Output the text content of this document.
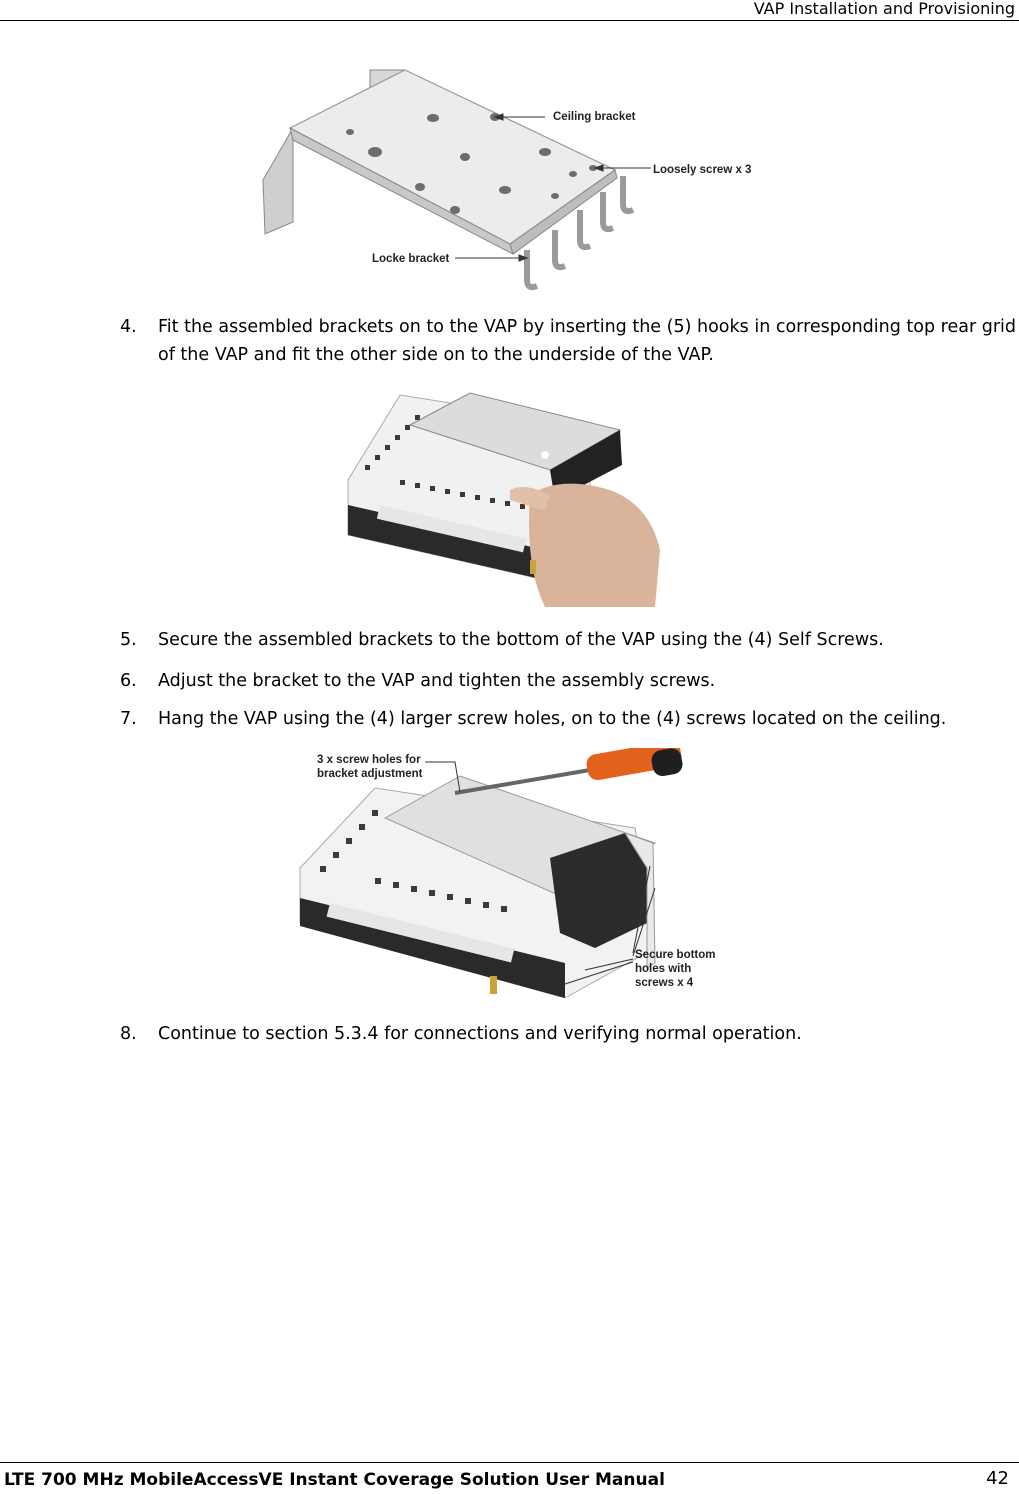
VAP Installation and Provisioning
Ceiling bracket
Loosely screw x 3
Locke bracket
4. Fit the assembled brackets on to the VAP by inserting the (5) hooks in corresponding top rear grid of the VAP and fit the other side on to the underside of the VAP.
5. Secure the assembled brackets to the bottom of the VAP using the (4) Self Screws.
6. Adjust the bracket to the VAP and tighten the assembly screws.
7. Hang the VAP using the (4) larger screw holes, on to the (4) screws located on the ceiling.
3 x screw holes for
bracket adjustment
Secure bottom
holes with
screws x 4
8. Continue to section 5.3.4 for connections and verifying normal operation.
LTE 700 MHz MobileAccessVE Instant Coverage Solution User Manual	42
